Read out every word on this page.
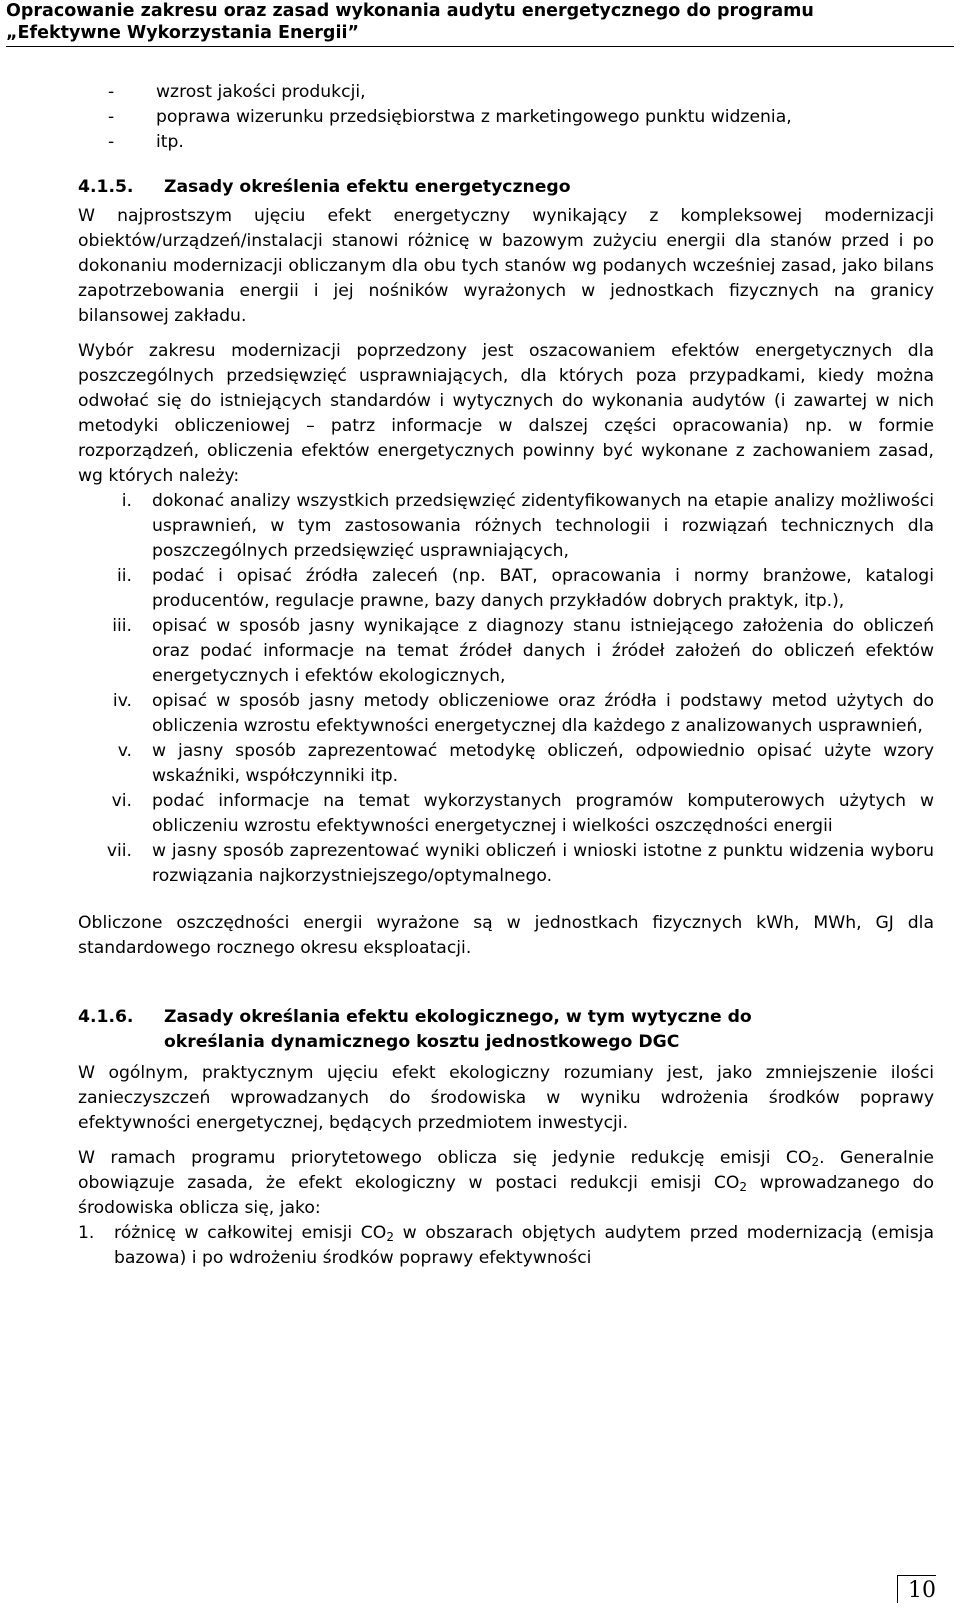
Opracowanie zakresu oraz zasad wykonania audytu energetycznego do programu
„Efektywne Wykorzystania Energii”
- wzrost jakości produkcji,
- poprawa wizerunku przedsiębiorstwa z marketingowego punktu widzenia,
- itp.
4.1.5.	Zasady określenia efektu energetycznego

W najprostszym ujęciu efekt energetyczny wynikający z kompleksowej modernizacji obiektów/urządzeń/instalacji stanowi różnicę w bazowym zużyciu energii dla stanów przed i po dokonaniu modernizacji obliczanym dla obu tych stanów wg podanych wcześniej zasad, jako bilans zapotrzebowania energii i jej nośników wyrażonych w jednostkach fizycznych na granicy bilansowej zakładu.

Wybór zakresu modernizacji poprzedzony jest oszacowaniem efektów energetycznych dla poszczególnych przedsięwzięć usprawniających, dla których poza przypadkami, kiedy można odwołać się do istniejących standardów i wytycznych do wykonania audytów (i zawartej w nich metodyki obliczeniowej – patrz informacje w dalszej części opracowania) np. w formie rozporządzeń, obliczenia efektów energetycznych powinny być wykonane z zachowaniem zasad, wg których należy:

i.	dokonać analizy wszystkich przedsięwzięć zidentyfikowanych na etapie analizy możliwości usprawnień, w tym zastosowania różnych technologii i rozwiązań technicznych dla poszczególnych przedsięwzięć usprawniających,
ii.	podać i opisać źródła zaleceń (np. BAT, opracowania i normy branżowe, katalogi producentów, regulacje prawne, bazy danych przykładów dobrych praktyk, itp.),
iii.	opisać w sposób jasny wynikające z diagnozy stanu istniejącego założenia do obliczeń oraz podać informacje na temat źródeł danych i źródeł założeń do obliczeń efektów energetycznych i efektów ekologicznych,
iv.	opisać w sposób jasny metody obliczeniowe oraz źródła i podstawy metod użytych do obliczenia wzrostu efektywności energetycznej dla każdego z analizowanych usprawnień,
v.	w jasny sposób zaprezentować metodykę obliczeń, odpowiednio opisać użyte wzory wskaźniki, współczynniki itp.
vi.	podać informacje na temat wykorzystanych programów komputerowych użytych w obliczeniu wzrostu efektywności energetycznej i wielkości oszczędności energii
vii.	w jasny sposób zaprezentować wyniki obliczeń i wnioski istotne z punktu widzenia wyboru rozwiązania najkorzystniejszego/optymalnego.

Obliczone oszczędności energii wyrażone są w jednostkach fizycznych kWh, MWh, GJ dla standardowego rocznego okresu eksploatacji.

4.1.6.	Zasady określania efektu ekologicznego, w tym wytyczne do
określania dynamicznego kosztu jednostkowego DGC

W ogólnym, praktycznym ujęciu efekt ekologiczny rozumiany jest, jako zmniejszenie ilości zanieczyszczeń wprowadzanych do środowiska w wyniku wdrożenia środków poprawy efektywności energetycznej, będących przedmiotem inwestycji.

W ramach programu priorytetowego oblicza się jedynie redukcję emisji $CO_2$. Generalnie obowiązuje zasada, że efekt ekologiczny w postaci redukcji emisji $CO_2$ wprowadzanego do środowiska oblicza się, jako:

1.	różnicę w całkowitej emisji $CO_2$ w obszarach objętych audytem przed modernizacją (emisja bazowa) i po wdrożeniu środków poprawy efektywności
10
